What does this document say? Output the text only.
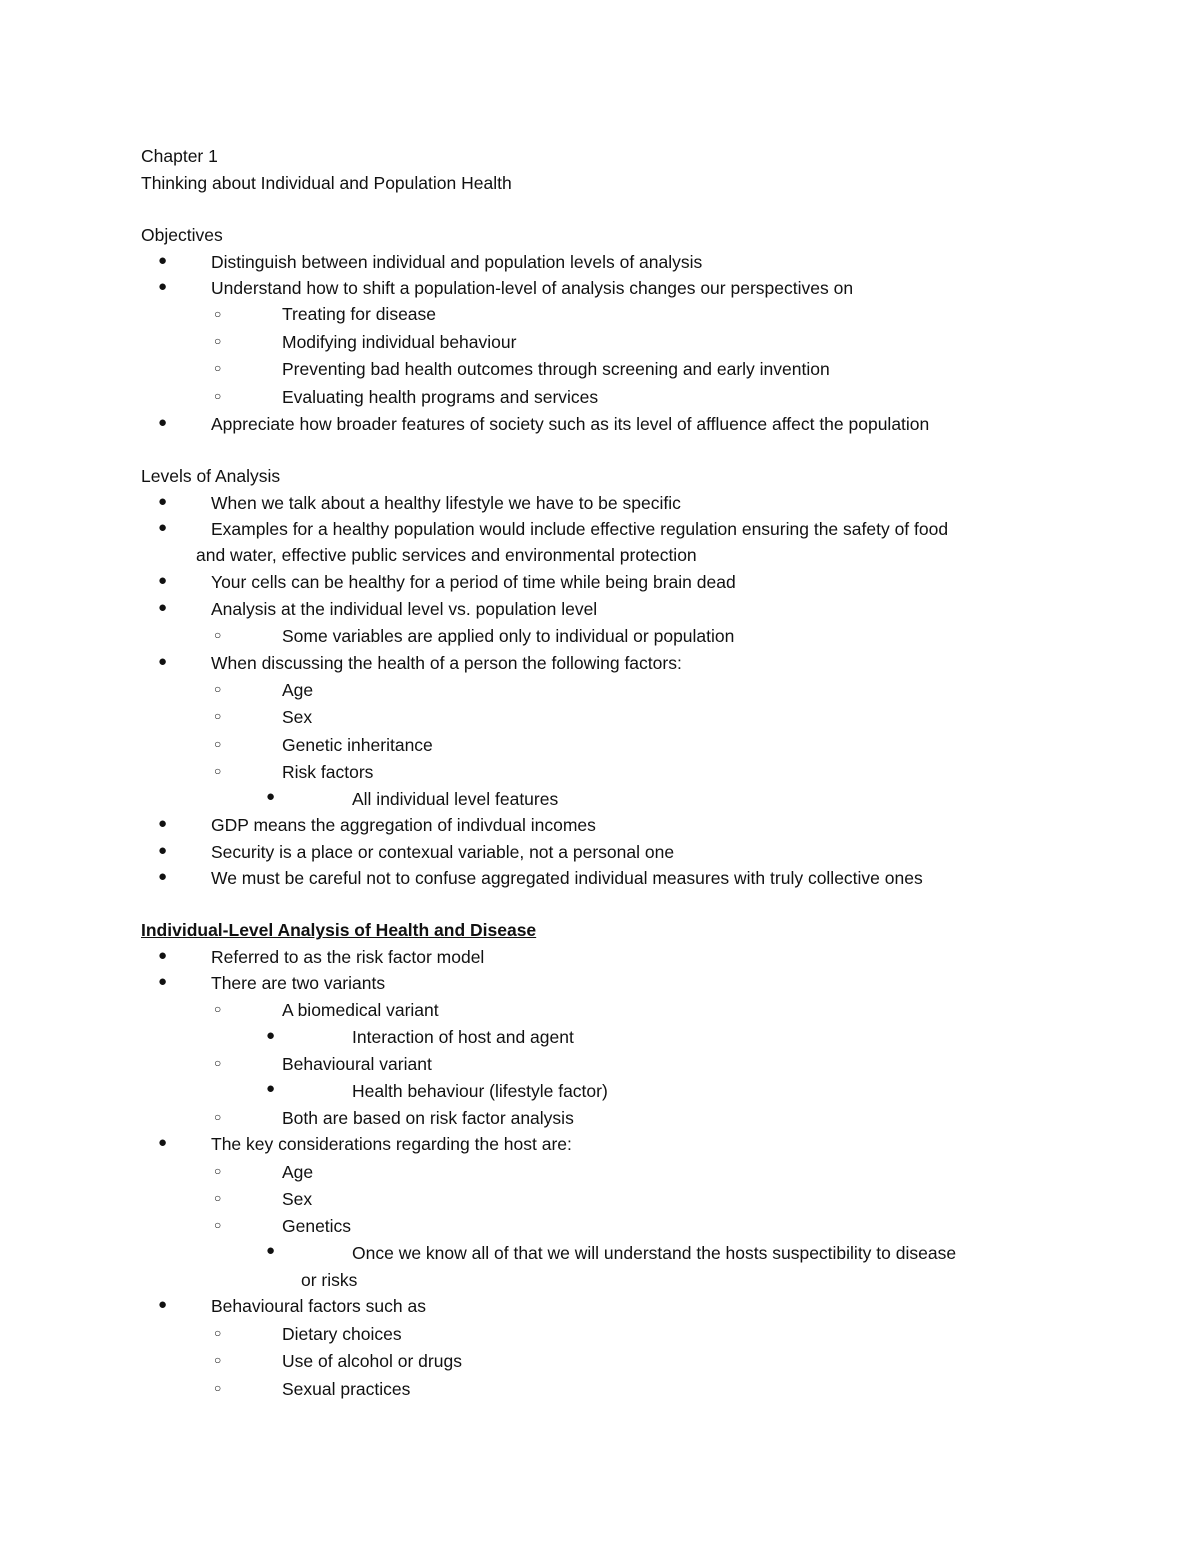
Chapter 1
Thinking about Individual and Population Health
Objectives
●	Distinguish between individual and population levels of analysis
●	Understand how to shift a population-level of analysis changes our perspectives on
○	Treating for disease
○	Modifying individual behaviour
○	Preventing bad health outcomes through screening and early invention
○	Evaluating health programs and services
●	Appreciate how broader features of society such as its level of affluence affect the population
Levels of Analysis
●	When we talk about a healthy lifestyle we have to be specific
●	Examples for a healthy population would include effective regulation ensuring the safety of food
and water, effective public services and environmental protection
●	Your cells can be healthy for a period of time while being brain dead
●	Analysis at the individual level vs. population level
○	Some variables are applied only to individual or population
●	When discussing the health of a person the following factors:
○	Age
○	Sex
○	Genetic inheritance
○	Risk factors
●	All individual level features
●	GDP means the aggregation of indivdual incomes
●	Security is a place or contexual variable, not a personal one
●	We must be careful not to confuse aggregated individual measures with truly collective ones
Individual-Level Analysis of Health and Disease
●	Referred to as the risk factor model
●	There are two variants
○	A biomedical variant
●	Interaction of host and agent
○	Behavioural variant
●	Health behaviour (lifestyle factor)
○	Both are based on risk factor analysis
●	The key considerations regarding the host are:
○	Age
○	Sex
○	Genetics
●	Once we know all of that we will understand the hosts suspectibility to disease
or risks
●	Behavioural factors such as
○	Dietary choices
○	Use of alcohol or drugs
○	Sexual practices
